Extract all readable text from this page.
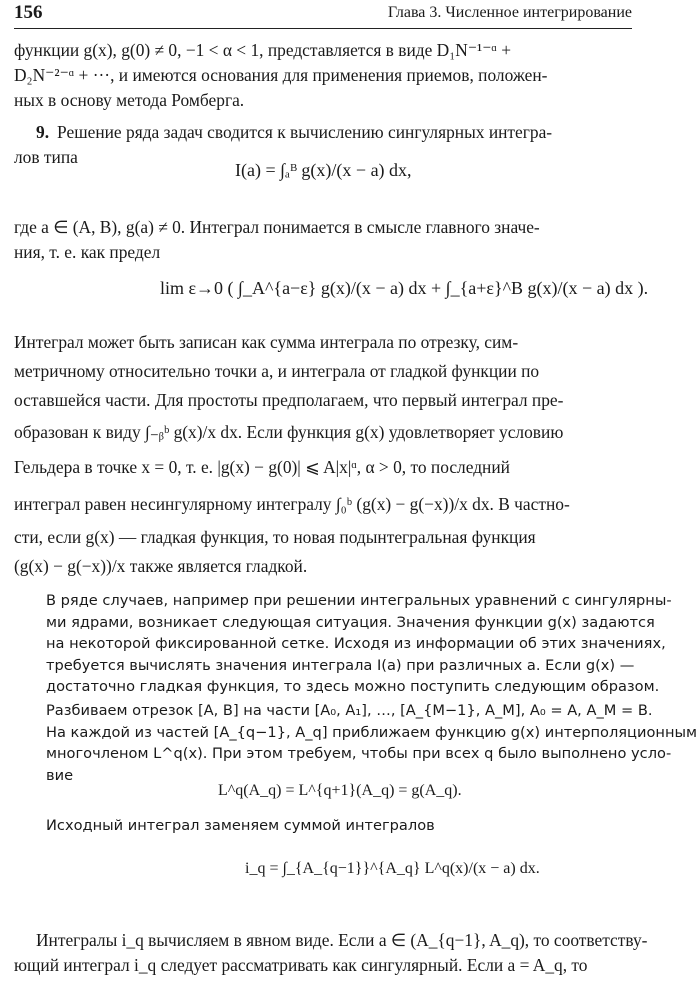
156	Глава 3. Численное интегрирование
функции g(x), g(0) ≠ 0, −1 < α < 1, представляется в виде D₁N⁻¹⁻ᵅ +
D₂N⁻²⁻ᵅ + ···, и имеются основания для применения приемов, положен-
ных в основу метода Ромберга.
9. Решение ряда задач сводится к вычислению сингулярных интегра-
лов типа
I(a) = ∫ₐᴮ g(x)/(x − a) dx,
где a ∈ (A, B), g(a) ≠ 0. Интеграл понимается в смысле главного значе-
ния, т. е. как предел
lim ε→0 ( ∫_A^{a−ε} g(x)/(x − a) dx + ∫_{a+ε}^B g(x)/(x − a) dx ).
Интеграл может быть записан как сумма интеграла по отрезку, сим-
метричному относительно точки a, и интеграла от гладкой функции по
оставшейся части. Для простоты предполагаем, что первый интеграл пре-
образован к виду ∫₋ᵦᵇ g(x)/x dx. Если функция g(x) удовлетворяет условию
Гельдера в точке x = 0, т. е. |g(x) − g(0)| ⩽ A|x|ᵅ, α > 0, то последний
интеграл равен несингулярному интегралу ∫₀ᵇ (g(x) − g(−x))/x dx. В частно-
сти, если g(x) — гладкая функция, то новая подынтегральная функция
(g(x) − g(−x))/x также является гладкой.
В ряде случаев, например при решении интегральных уравнений с сингулярны-
ми ядрами, возникает следующая ситуация. Значения функции g(x) задаются
на некоторой фиксированной сетке. Исходя из информации об этих значениях,
требуется вычислять значения интеграла I(a) при различных a. Если g(x) —
достаточно гладкая функция, то здесь можно поступить следующим образом.
Разбиваем отрезок [A, B] на части [A₀, A₁], …, [A_{M−1}, A_M], A₀ = A, A_M = B.
На каждой из частей [A_{q−1}, A_q] приближаем функцию g(x) интерполяционным
многочленом L^q(x). При этом требуем, чтобы при всех q было выполнено усло-
вие
L^q(A_q) = L^{q+1}(A_q) = g(A_q).
Исходный интеграл заменяем суммой интегралов
i_q = ∫_{A_{q−1}}^{A_q} L^q(x)/(x − a) dx.
Интегралы i_q вычисляем в явном виде. Если a ∈ (A_{q−1}, A_q), то соответству-
ющий интеграл i_q следует рассматривать как сингулярный. Если a = A_q, то
